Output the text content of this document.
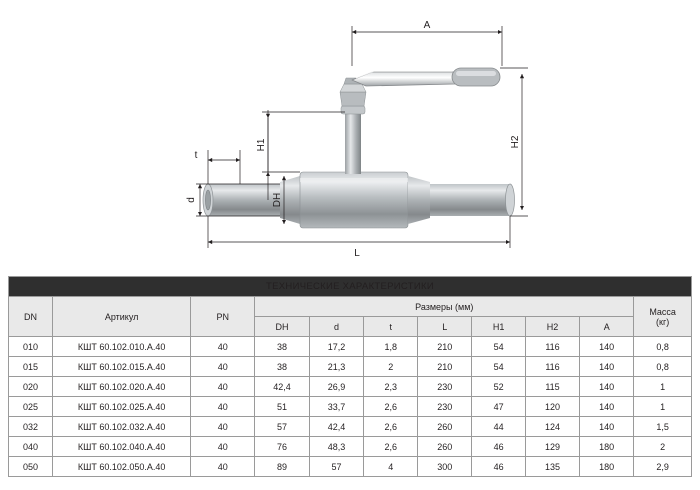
A
H1	H2
DH
d
t
L
ТЕХНИЧЕСКИЕ ХАРАКТЕРИСТИКИ										
DN	Артикул	PN	Размеры (мм)							Масса
(кг)

			DH	d	t	L	H1	H2	A	
010	КШТ 60.102.010.А.40	40	38	17,2	1,8	210	54	116	140	0,8
015	КШТ 60.102.015.А.40	40	38	21,3	2	210	54	116	140	0,8
020	КШТ 60.102.020.А.40	40	42,4	26,9	2,3	230	52	115	140	1
025	КШТ 60.102.025.А.40	40	51	33,7	2,6	230	47	120	140	1
032	КШТ 60.102.032.А.40	40	57	42,4	2,6	260	44	124	140	1,5
040	КШТ 60.102.040.А.40	40	76	48,3	2,6	260	46	129	180	2
050	КШТ 60.102.050.А.40	40	89	57	4	300	46	135	180	2,9
